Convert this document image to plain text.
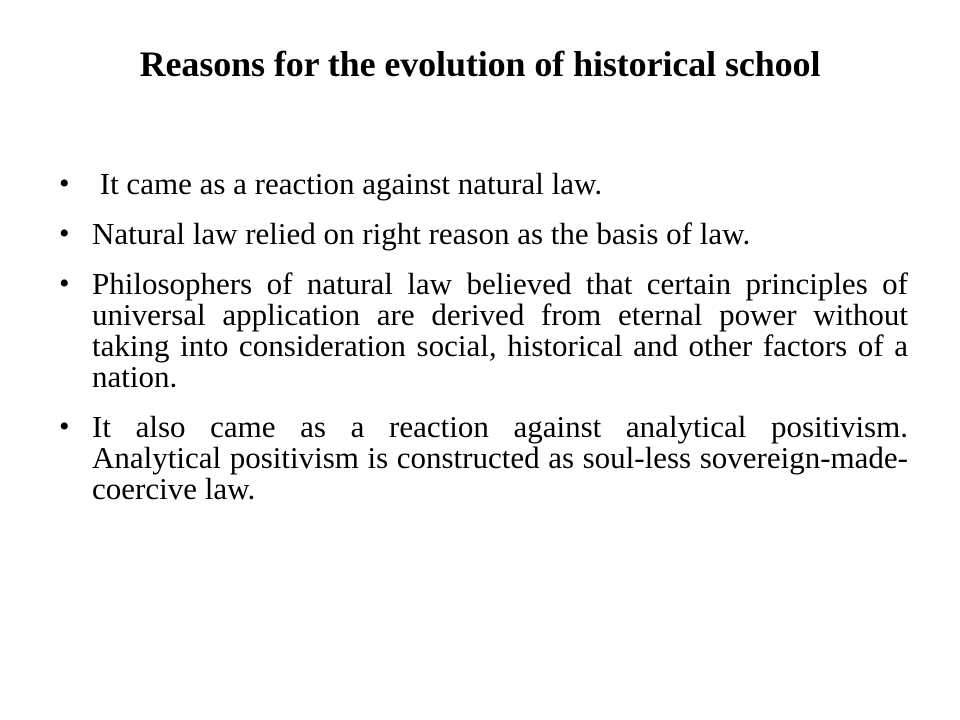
Reasons for the evolution of historical school
• It came as a reaction against natural law.
• Natural law relied on right reason as the basis of law.
• Philosophers of natural law believed that certain principles of universal application are derived from eternal power without taking into consideration social, historical and other factors of a nation.
• It also came as a reaction against analytical positivism. Analytical positivism is constructed as soul-less sovereign-made-coercive law.
